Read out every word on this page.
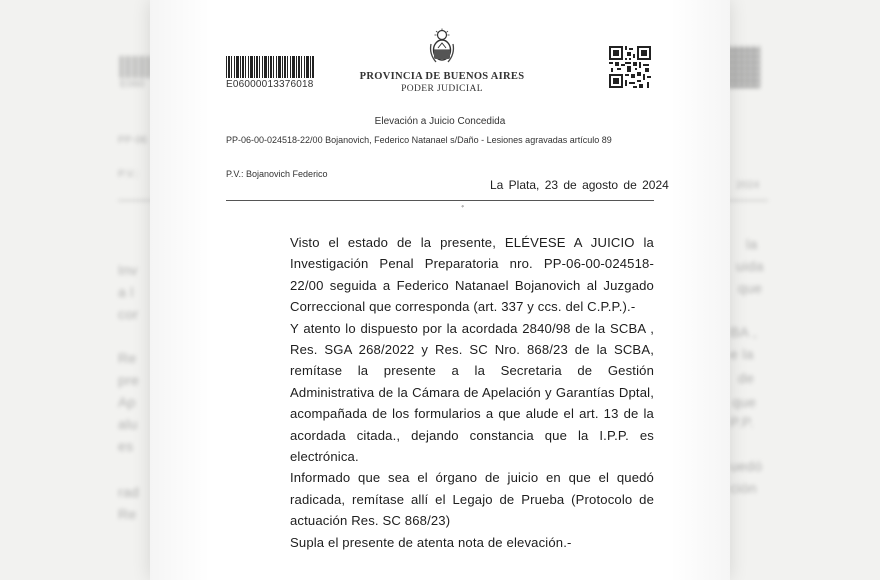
E060
PP-06
P.V.:
2024
Inv
a l
cor
Re
pre
Ap
alu
es
rad
Re
la
uida
que
BA ,
e la
de
que
P.P.
uedó
ción
E06000013376018
PROVINCIA DE BUENOS AIRES
PODER JUDICIAL
Elevación a Juicio Concedida
PP-06-00-024518-22/00 Bojanovich, Federico Natanael s/Daño - Lesiones agravadas artículo 89
P.V.: Bojanovich Federico
La Plata, 23 de agosto de 2024
ﾞ

Visto el estado de la presente, ELÉVESE A JUICIO la Investigación Penal Preparatoria nro. PP-06-00-024518-22/00 seguida a Federico Natanael Bojanovich al Juzgado Correccional que corresponda (art. 337 y ccs. del C.P.P.).-

Y atento lo dispuesto por la acordada 2840/98 de la SCBA , Res. SGA 268/2022 y Res. SC Nro. 868/23 de la SCBA, remítase la presente a la Secretaria de Gestión Administrativa de la Cámara de Apelación y Garantías Dptal, acompañada de los formularios a que alude el art. 13 de la acordada citada., dejando constancia que la I.P.P. es electrónica.

Informado que sea el órgano de juicio en que el quedó radicada, remítase allí el Legajo de Prueba (Protocolo de actuación Res. SC 868/23)

Supla el presente de atenta nota de elevación.-
